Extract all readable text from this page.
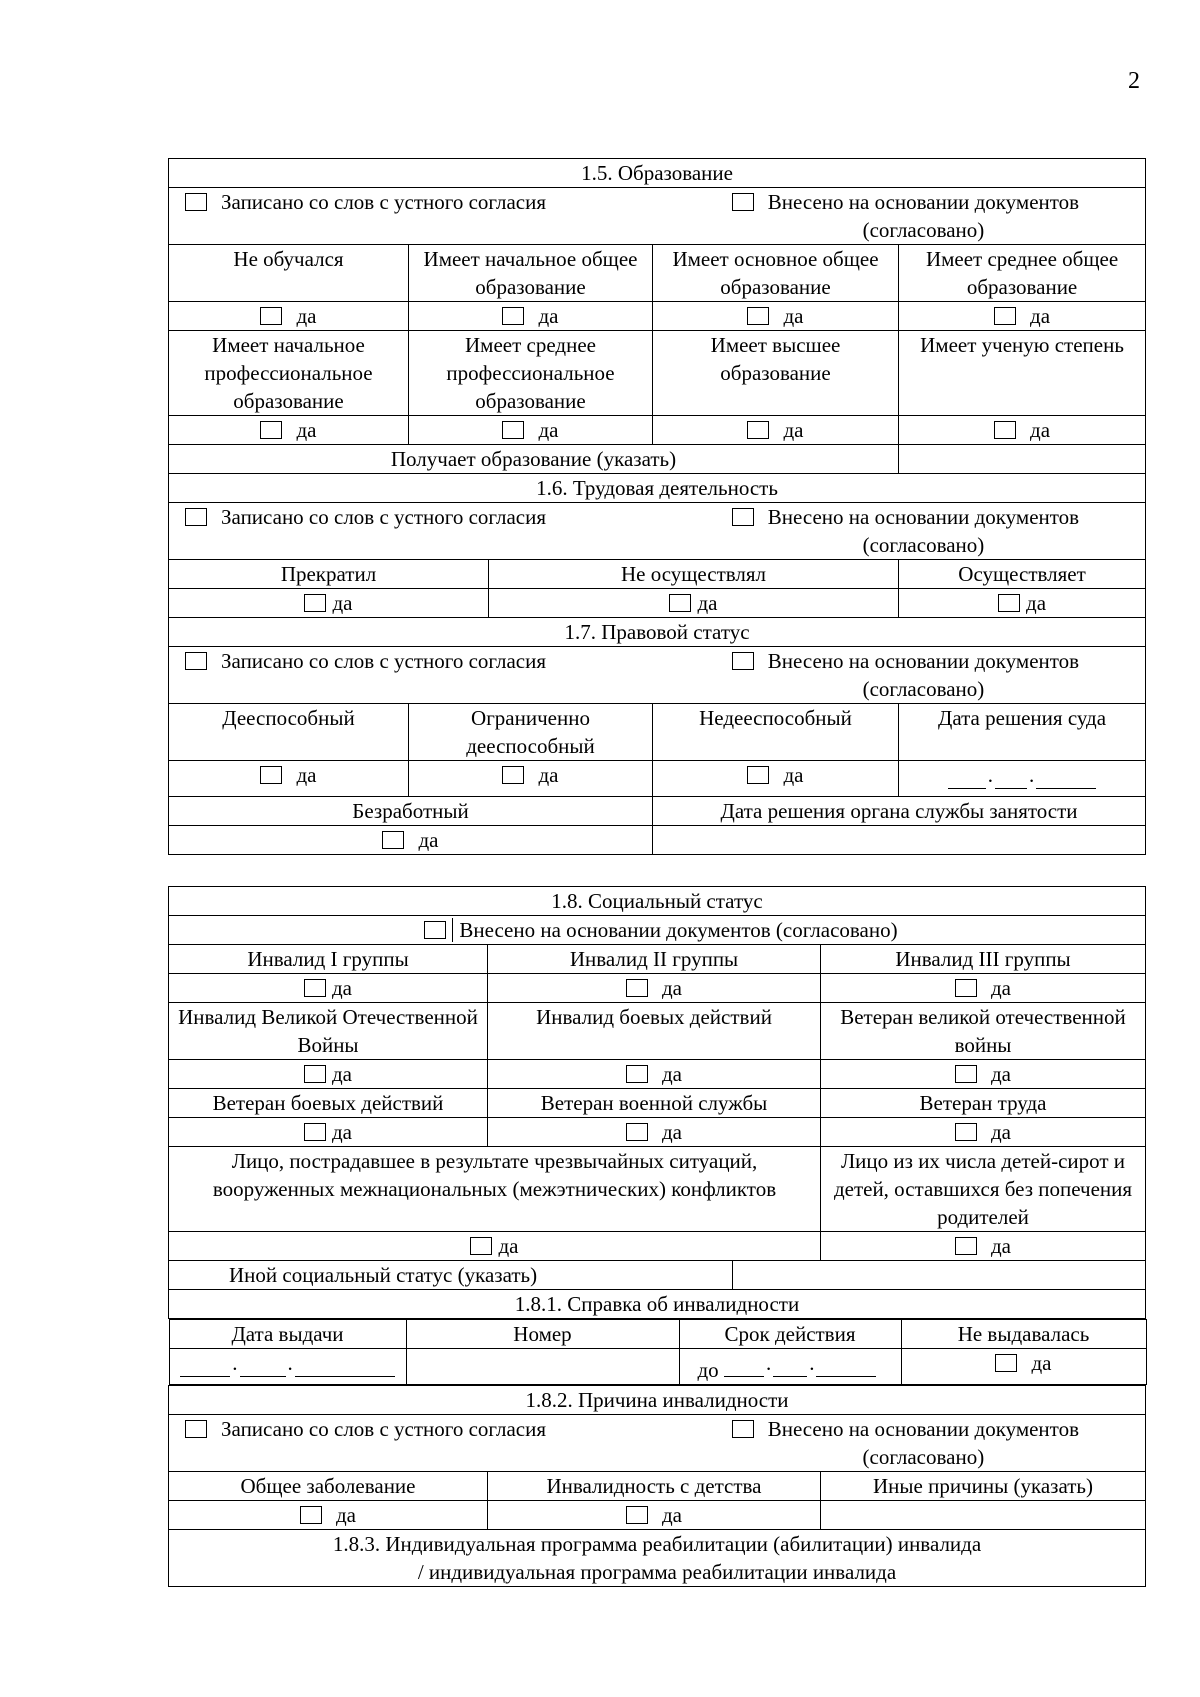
2
1.5. Образование				

Записано со слов с устного согласия Внесено на основании документов
(согласовано)				

Не обучался	Имеет начальное общее образование		Имеет основное общее образование	Имеет среднее общее образование
да	да		да	да
Имеет начальное профессиональное образование	Имеет среднее профессиональное образование		Имеет высшее образование	Имеет ученую степень
да	да		да	да
Получает образование (указать)				
1.6. Трудовая деятельность				

Записано со слов с устного согласия Внесено на основании документов
(согласовано)				

Прекратил		Не осуществлял		Осуществляет
да		да		да
1.7. Правовой статус				

Записано со слов с устного согласия Внесено на основании документов
(согласовано)				

Дееспособный	Ограниченно дееспособный		Недееспособный	Дата решения суда
да	да		да	. .

Безработный			Дата решения органа службы занятости	
да				
1.8. Социальный статус
Внесено на основании документов (согласовано)
Инвалид I группы	Инвалид II группы	Инвалид III группы
да	да	да
Инвалид Великой Отечественной Войны	Инвалид боевых действий	Ветеран великой отечественной войны
да	да	да
Ветеран боевых действий	Ветеран военной службы	Ветеран труда
да	да	да
Лицо, пострадавшее в результате чрезвычайных ситуаций, вооруженных межнациональных (межэтнических) конфликтов	Лицо из их числа детей-сирот и детей, оставшихся без попечения родителей
да	да
Иной социальный статус (указать)	
1.8.1. Справка об инвалидности

Дата выдачи	Номер	Срок действия	Не выдавалась

. .		до . .	да

1.8.2. Причина инвалидности

Записано со слов с устного согласия	Внесено на основании документов
(согласовано)

Общее заболевание	Инвалидность с детства	Иные причины (указать)
да	да	

1.8.3. Индивидуальная программа реабилитации (абилитации) инвалида
/ индивидуальная программа реабилитации инвалида
